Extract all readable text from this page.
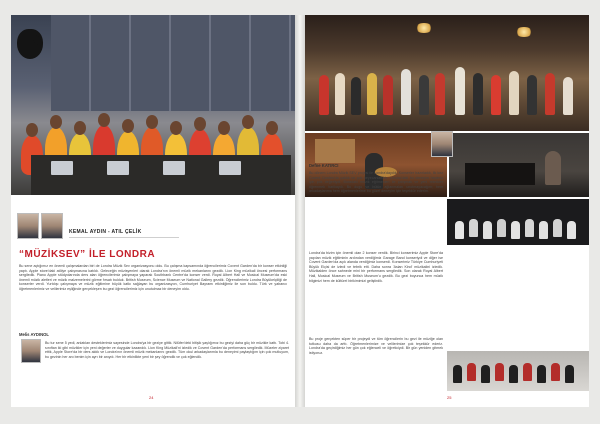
KEMAL AYDIN - ATIL ÇELİK
“MÜZİKSEV” İLE LONDRA
Bu sene açtığımız en önemli çalışmalardan biri de Londra Müzik Sev organizasyonu oldu. Bu çalışma kapsamında öğrencilerimiz Covent Garden'da bir konser etkinliği yaptı. Apple store'daki atölye çalışmasına katıldı. Geleceğin müzisyenleri olarak Londra'nın önemli müzik mekanlarını gezdik. Lion King müzikali öncesi performans sergiledik. Piano Apple stüdyolarında ders alan öğrencilerimiz çalışmaya yaparak Southbank Centre'da konser verdi. Royal Albert Hall ve Musical Museum'da eski önemli müzik aletleri ve müzik malzemelerini görme fırsatı bulduk. British Museum, Science Museum ve National Gallery gezdik. Öğrencilerimiz Londra Büyükelçiliği de konserler verdi. Yurtdışı çalışmaya ve müzik eğitimine büyük katkı sağlayan bu organizasyon, Cumhuriyet Bayramı etkinliğimiz ile son buldu. Türk ve yabancı öğretmenlerimiz ve velilerimiz eşliğinde gerçekleşen bu gezi öğrencilerimiz için unutulmaz bir deneyim oldu.
Melis AYDINOL
Bu tur sene 5 yedi, anlatılan desteklerimiz sayesinde Londra'ya bir geziye gittik. Nilüfer'deki bitişik yaşlığımız bu geziyi daha güç bir müzikle kattı. Tobi 4. sınıftan iki gibi müzikler için yeni değerler ve duygular kazandık. Lion King Müzikali'ni izledik ve Covent Garden'da performans sergiledik. Müzeler ziyaret ettik, Apple Store'da bir ders aldık ve Londra'nın önemli müzik mekanlarını gezdik. Tüm okul arkadaşlarımla bu deneyimi paylaştığım için çok mutluyum, bu gezinin her anı benim için ayrı bir anıydı. Her bir etkinlikte yeni bir şey öğrendik ve çok eğlendik.
24
Defne KATIRCI
Bu dönem Londra Müzik SEV projesi ile Londra'daydık. Konserler hazırladık, ilk kez Covent Garden'da çaldık ve çok heyecanlandık. Londra'daki bu deneyim hepimiz için çok değerliydi. Buradaki müzik eğitmenleri ile çalışmak ve yeni teknikler öğrenmek harikaydı. Bu dugu ve bütün ağlanmaları unutmayacağım; hem arkadaşlarıma hem öğretmenlerime bu güzel deneyim için teşekkür ederim.
Londra'da bizim için önemli olan 2 konser verdik. Birinci konserimiz Apple Store'da yapılan müzik eğitiminin ardından verdiğimiz Garage Band konseriydi ve diğer ise Covent Garden'da açık alanda verdiğimiz konserdi. Konserimiz Türkiye Cumhuriyeti Büyük Elçisi de izledi ve tebrik etti. Daha sonra 'Asian Kind' müzikalini izledik. Müzikalden önce sahnede mini bir performans sergiledik. Son olarak Royal Albert Hall, Musical Museum ve British Museum'u gezdik. Bu gezi boyunca hem müzik bilgimizi hem de kültürel birikimimizi geliştirdik.
Bu proje gerçekten süper bir projeydi ve tüm öğrencilerin bu gezi ile müziğe olan tutkusu daha da arttı. Öğretmenlerimize ve velilerimize çok teşekkür ederiz. Londra'da geçirdiğimiz her gün çok eğlenceli ve öğreticiydi. Bir gün yeniden gitmek istiyoruz.
25
